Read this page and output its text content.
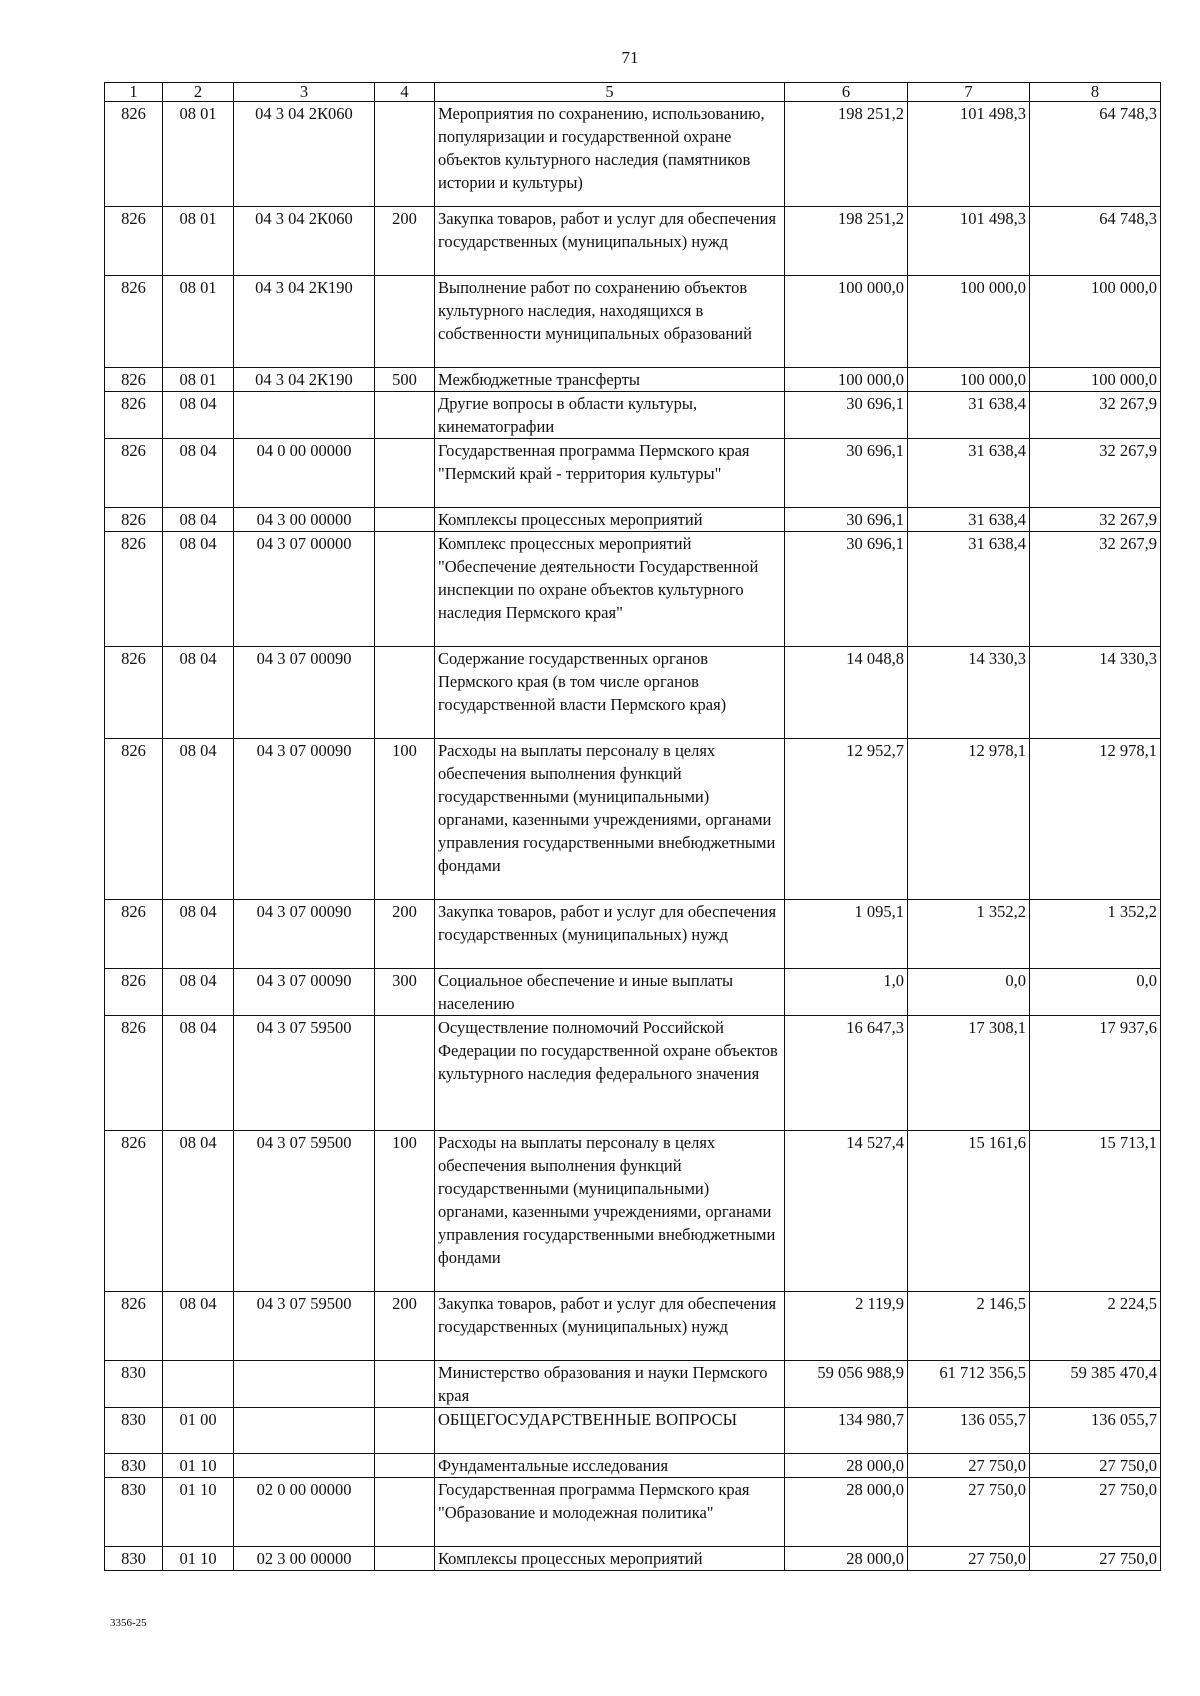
71
1	2	3	4	5	6	7	8
826	08 01	04 3 04 2К060		Мероприятия по сохранению, использованию, популяризации и государственной охране объектов культурного наследия (памятников истории и культуры)	198 251,2	101 498,3	64 748,3
826	08 01	04 3 04 2К060	200	Закупка товаров, работ и услуг для обеспечения государственных (муниципальных) нужд	198 251,2	101 498,3	64 748,3
826	08 01	04 3 04 2К190		Выполнение работ по сохранению объектов культурного наследия, находящихся в собственности муниципальных образований	100 000,0	100 000,0	100 000,0
826	08 01	04 3 04 2К190	500	Межбюджетные трансферты	100 000,0	100 000,0	100 000,0
826	08 04			Другие вопросы в области культуры, кинематографии	30 696,1	31 638,4	32 267,9
826	08 04	04 0 00 00000		Государственная программа Пермского края "Пермский край - территория культуры"	30 696,1	31 638,4	32 267,9
826	08 04	04 3 00 00000		Комплексы процессных мероприятий	30 696,1	31 638,4	32 267,9
826	08 04	04 3 07 00000		Комплекс процессных мероприятий "Обеспечение деятельности Государственной инспекции по охране объектов культурного наследия Пермского края"	30 696,1	31 638,4	32 267,9
826	08 04	04 3 07 00090		Содержание государственных органов Пермского края (в том числе органов государственной власти Пермского края)	14 048,8	14 330,3	14 330,3
826	08 04	04 3 07 00090	100	Расходы на выплаты персоналу в целях обеспечения выполнения функций государственными (муниципальными) органами, казенными учреждениями, органами управления государственными внебюджетными фондами	12 952,7	12 978,1	12 978,1
826	08 04	04 3 07 00090	200	Закупка товаров, работ и услуг для обеспечения государственных (муниципальных) нужд	1 095,1	1 352,2	1 352,2
826	08 04	04 3 07 00090	300	Социальное обеспечение и иные выплаты населению	1,0	0,0	0,0
826	08 04	04 3 07 59500		Осуществление полномочий Российской Федерации по государственной охране объектов культурного наследия федерального значения	16 647,3	17 308,1	17 937,6
826	08 04	04 3 07 59500	100	Расходы на выплаты персоналу в целях обеспечения выполнения функций государственными (муниципальными) органами, казенными учреждениями, органами управления государственными внебюджетными фондами	14 527,4	15 161,6	15 713,1
826	08 04	04 3 07 59500	200	Закупка товаров, работ и услуг для обеспечения государственных (муниципальных) нужд	2 119,9	2 146,5	2 224,5
830				Министерство образования и науки Пермского края	59 056 988,9	61 712 356,5	59 385 470,4
830	01 00			ОБЩЕГОСУДАРСТВЕННЫЕ ВОПРОСЫ	134 980,7	136 055,7	136 055,7
830	01 10			Фундаментальные исследования	28 000,0	27 750,0	27 750,0
830	01 10	02 0 00 00000		Государственная программа Пермского края "Образование и молодежная политика"	28 000,0	27 750,0	27 750,0
830	01 10	02 3 00 00000		Комплексы процессных мероприятий	28 000,0	27 750,0	27 750,0
3356-25
